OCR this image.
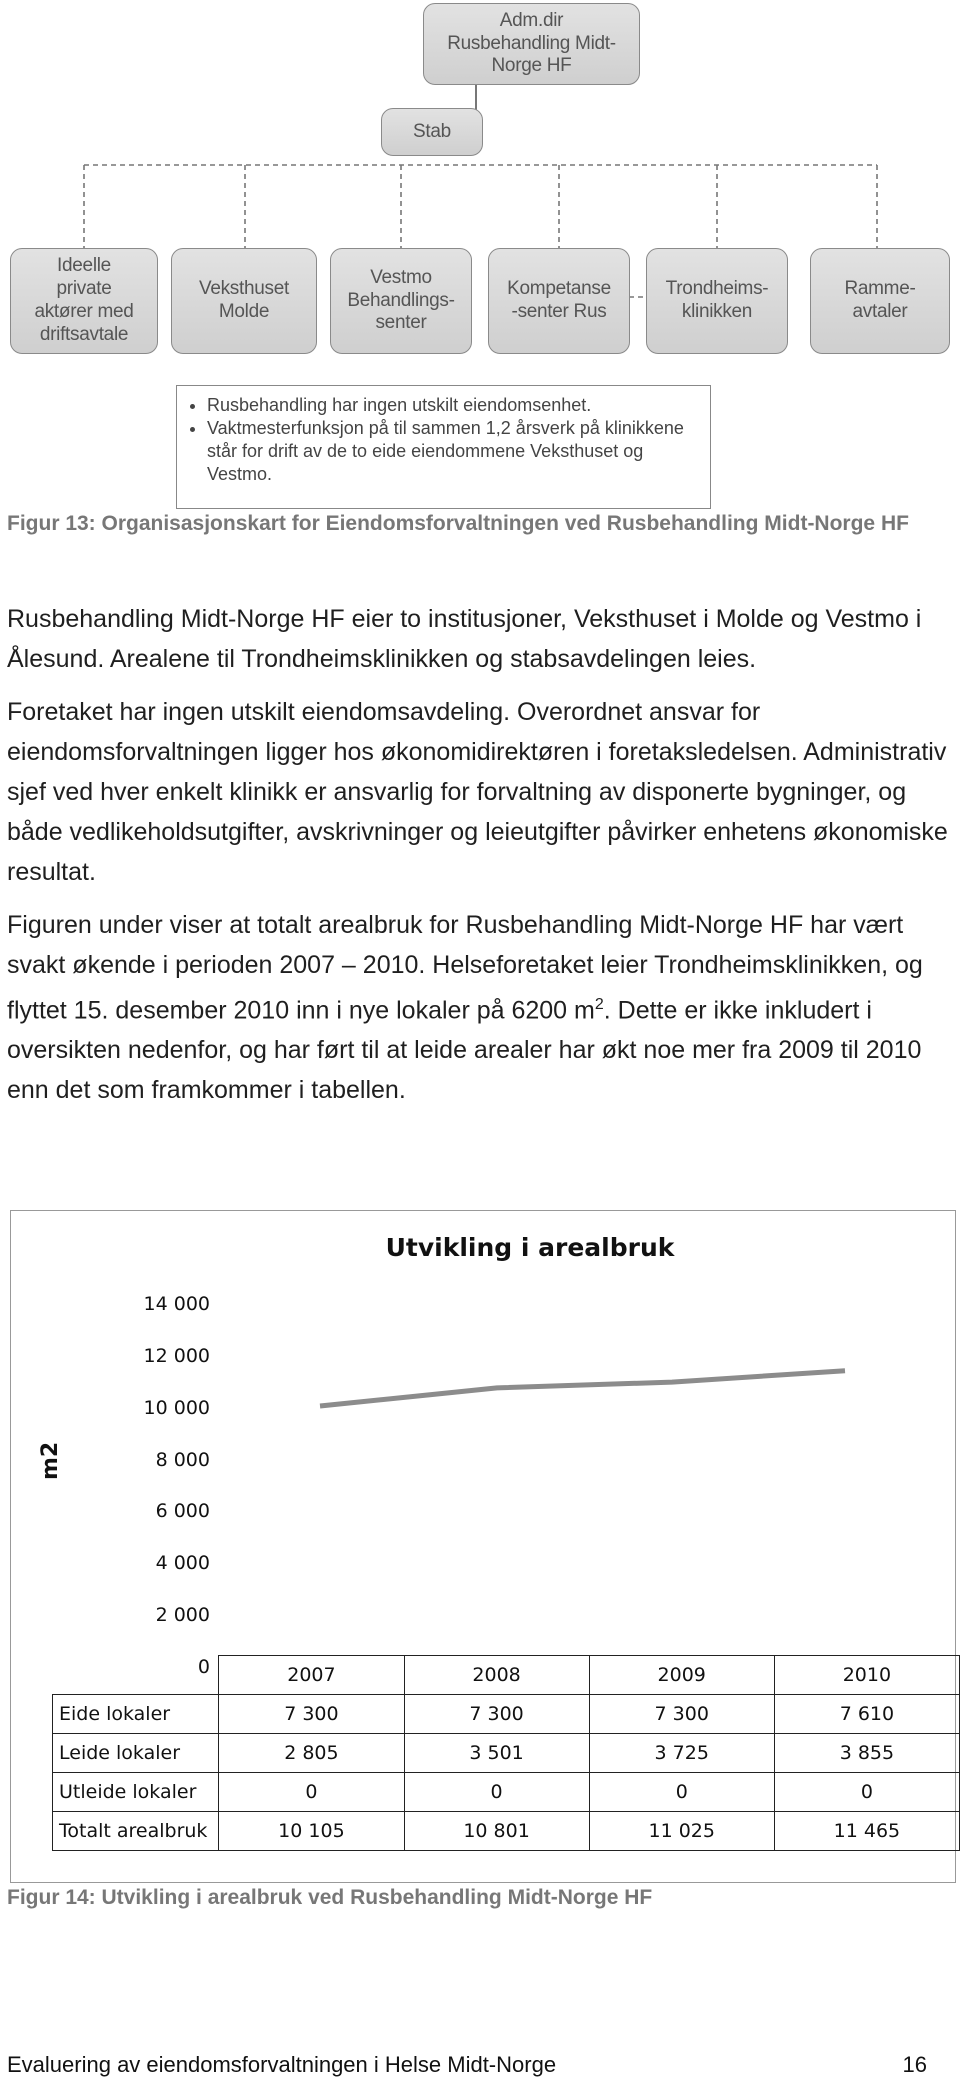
Adm.dir
Rusbehandling Midt-
Norge HF
Stab
Ideelle
private
aktører med
driftsavtale
Veksthuset
Molde
Vestmo
Behandlings-
senter
Kompetanse
-senter Rus
Trondheims-
klinikken
Ramme-
avtaler
• Rusbehandling har ingen utskilt eiendomsenhet.
• Vaktmesterfunksjon på til sammen 1,2 årsverk på klinikkene står for drift av de to eide eiendommene Veksthuset og Vestmo.
Figur 13: Organisasjonskart for Eiendomsforvaltningen ved Rusbehandling Midt-Norge HF

Rusbehandling Midt-Norge HF eier to institusjoner, Veksthuset i Molde og Vestmo i Ålesund. Arealene til Trondheimsklinikken og stabsavdelingen leies.

Foretaket har ingen utskilt eiendomsavdeling. Overordnet ansvar for eiendomsforvaltningen ligger hos økonomidirektøren i foretaksledelsen. Administrativ sjef ved hver enkelt klinikk er ansvarlig for forvaltning av disponerte bygninger, og både vedlikeholdsutgifter, avskrivninger og leieutgifter påvirker enhetens økonomiske resultat.

Figuren under viser at totalt arealbruk for Rusbehandling Midt-Norge HF har vært svakt økende i perioden 2007 – 2010. Helseforetaket leier Trondheimsklinikken, og flyttet 15. desember 2010 inn i nye lokaler på 6200 $m^2$. Dette er ikke inkludert i oversikten nedenfor, og har ført til at leide arealer har økt noe mer fra 2009 til 2010 enn det som framkommer i tabellen.

Utvikling i arealbruk
m2
14 000
12 000
10 000
8 000
6 000
4 000
2 000
0
		2007	2008	2009	2010
Eide lokaler	7 300	7 300	7 300	7 610
Leide lokaler	2 805	3 501	3 725	3 855
Utleide lokaler	0	0	0	0
Totalt arealbruk	10 105	10 801	11 025	11 465
Figur 14: Utvikling i arealbruk ved Rusbehandling Midt-Norge HF
Evaluering av eiendomsforvaltningen i Helse Midt-Norge	16
